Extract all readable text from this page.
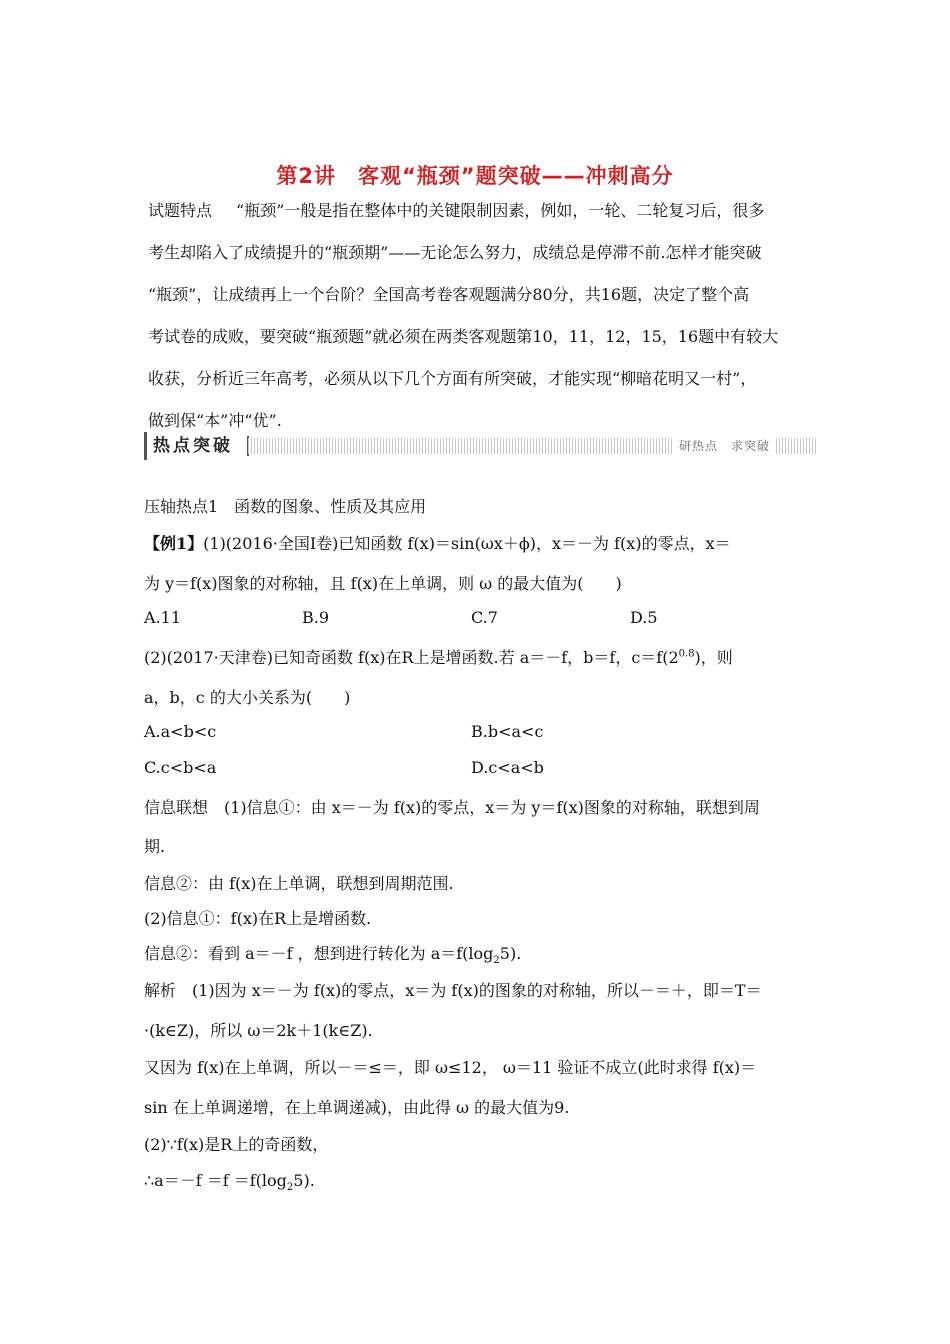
第2讲　客观“瓶颈”题突破——冲刺高分
试题特点 “瓶颈”一般是指在整体中的关键限制因素，例如，一轮、二轮复习后，很多
考生却陷入了成绩提升的“瓶颈期”——无论怎么努力，成绩总是停滞不前.怎样才能突破
“瓶颈”，让成绩再上一个台阶？全国高考卷客观题满分80分，共16题，决定了整个高
考试卷的成败，要突破“瓶颈题”就必须在两类客观题第10，11，12，15，16题中有较大
收获，分析近三年高考，必须从以下几个方面有所突破，才能实现“柳暗花明又一村”，
做到保“本”冲“优”.
热点突破	研热点　求突破
压轴热点1　函数的图象、性质及其应用
【例1】(1)(2016·全国Ⅰ卷)已知函数 f(x)＝sin(ωx＋ϕ)，x＝－为 f(x)的零点，x＝
为 y＝f(x)图象的对称轴，且 f(x)在上单调，则 ω 的最大值为(　　)
A.11	B.9	C.7	D.5
(2)(2017·天津卷)已知奇函数 f(x)在R上是增函数.若 a＝－f，b＝f，$c=f(2^{0.8})$，则
a，b，c 的大小关系为(　　)
A.a<b<c	B.b<a<c
C.c<b<a	D.c<a<b
信息联想　(1)信息①：由 x＝－为 f(x)的零点，x＝为 y＝f(x)图象的对称轴，联想到周
期.
信息②：由 f(x)在上单调，联想到周期范围.
(2)信息①：f(x)在R上是增函数.
信息②：看到 a＝－f ，想到进行转化为 $a=f(\log_25)$.
解析　(1)因为 x＝－为 f(x)的零点，x＝为 f(x)的图象的对称轴，所以－＝＋，即＝T＝
·(k∈Z)，所以 ω＝2k＋1(k∈Z).
又因为 f(x)在上单调，所以－＝≤＝，即 ω≤12， ω＝11 验证不成立(此时求得 f(x)＝
sin 在上单调递增，在上单调递减)，由此得 ω 的最大值为9.
(2)∵f(x)是R上的奇函数，
∴a＝－f $=f =f(\log_25)$.
